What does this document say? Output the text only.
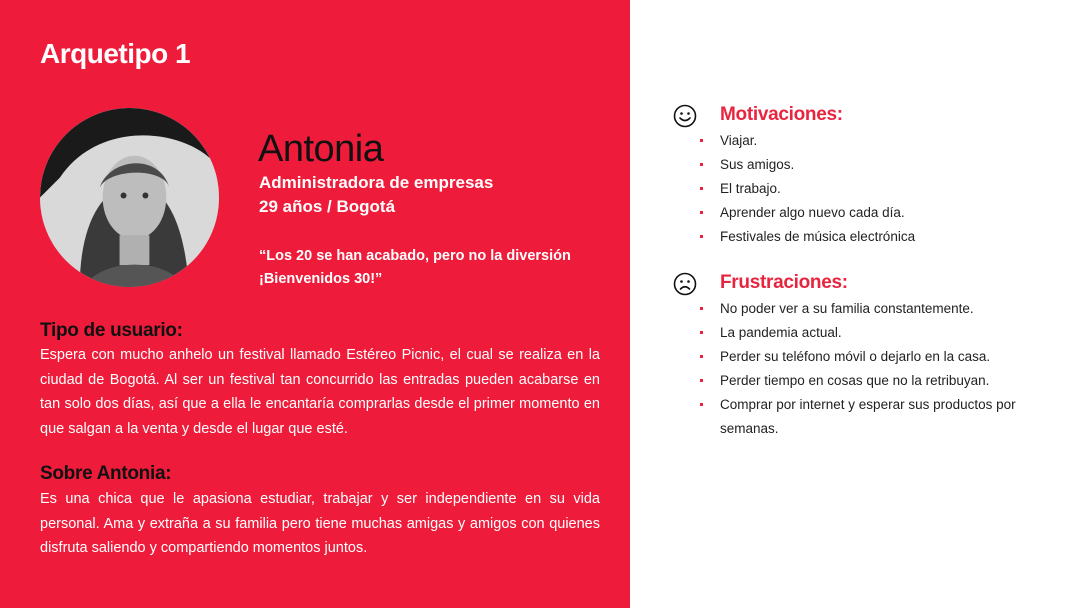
Arquetipo 1
Antonia
Administradora de empresas
29 años / Bogotá

“Los 20 se han acabado, pero no la diversión ¡Bienvenidos 30!”

Tipo de usuario:

Espera con mucho anhelo un festival llamado Estéreo Picnic, el cual se realiza en la ciudad de Bogotá. Al ser un festival tan concurrido las entradas pueden acabarse en tan solo dos días, así que a ella le encantaría comprarlas desde el primer momento en que salgan a la venta y desde el lugar que esté.

Sobre Antonia:

Es una chica que le apasiona estudiar, trabajar y ser independiente en su vida personal. Ama y extraña a su familia pero tiene muchas amigas y amigos con quienes disfruta saliendo y compartiendo momentos juntos.

Motivaciones:
Viajar.
Sus amigos.
El trabajo.
Aprender algo nuevo cada día.
Festivales de música electrónica
Frustraciones:
No poder ver a su familia constantemente.
La pandemia actual.
Perder su teléfono móvil o dejarlo en la casa.
Perder tiempo en cosas que no la retribuyan.
Comprar por internet y esperar sus productos por semanas.
